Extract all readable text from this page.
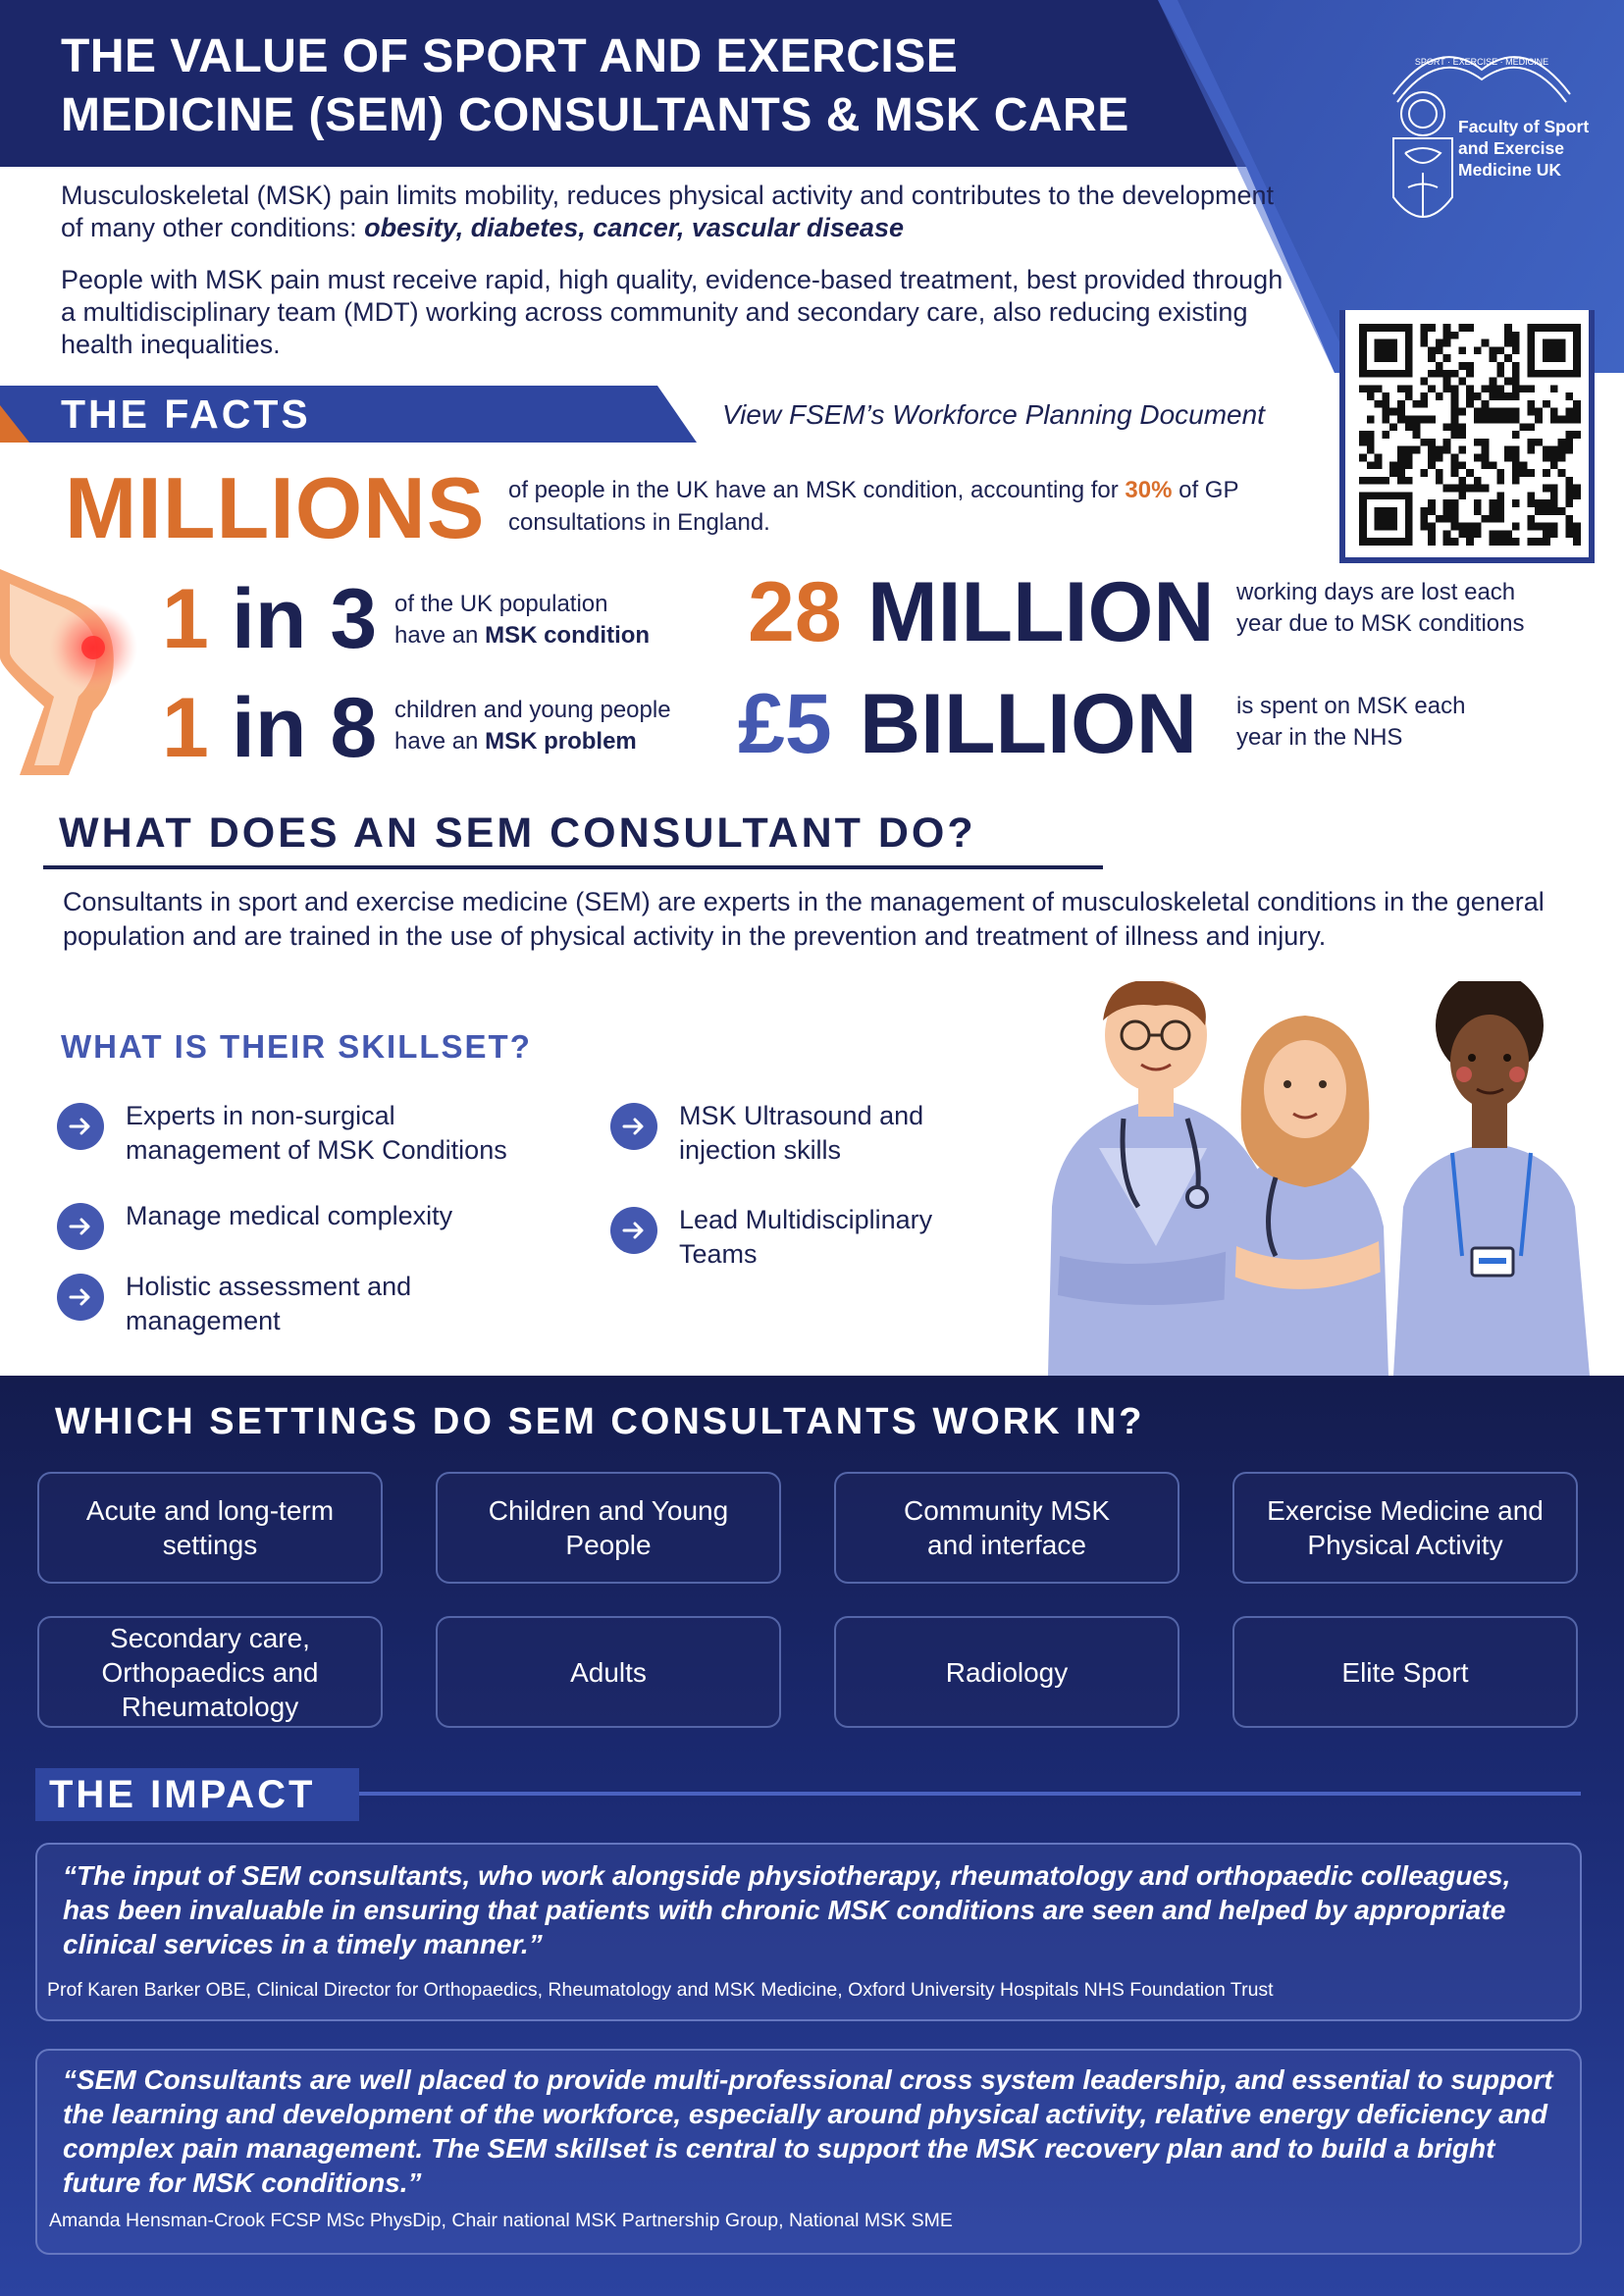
THE VALUE OF SPORT AND EXERCISE
MEDICINE (SEM) CONSULTANTS & MSK CARE
SPORT · EXERCISE · MEDICINE
Faculty of Sport
and Exercise
Medicine UK

Musculoskeletal (MSK) pain limits mobility, reduces physical activity and contributes to the development of many other conditions: obesity, diabetes, cancer, vascular disease

People with MSK pain must receive rapid, high quality, evidence-based treatment, best provided through a multidisciplinary team (MDT) working across community and secondary care, also reducing existing health inequalities.

THE FACTS	View FSEM’s Workforce Planning Document
MILLIONS of people in the UK have an MSK condition, accounting for 30% of GP consultations in England.
1 in 3 of the UK population
have an MSK condition
1 in 8 children and young people
have an MSK problem
28 MILLION working days are lost each
year due to MSK conditions
£5 BILLION is spent on MSK each
year in the NHS
WHAT DOES AN SEM CONSULTANT DO?

Consultants in sport and exercise medicine (SEM) are experts in the management of musculoskeletal conditions in the general population and are trained in the use of physical activity in the prevention and treatment of illness and injury.

WHAT IS THEIR SKILLSET?
Experts in non-surgical
management of MSK Conditions
Manage medical complexity
Holistic assessment and
management
MSK Ultrasound and
injection skills
Lead Multidisciplinary
Teams
WHICH SETTINGS DO SEM CONSULTANTS WORK IN?
Acute and long-term
settings
Children and Young
People
Community MSK
and interface
Exercise Medicine and
Physical Activity
Secondary care,
Orthopaedics and
Rheumatology
Adults	Radiology	Elite Sport
THE IMPACT

“The input of SEM consultants, who work alongside physiotherapy, rheumatology and orthopaedic colleagues, has been invaluable in ensuring that patients with chronic MSK conditions are seen and helped by appropriate clinical services in a timely manner.”

Prof Karen Barker OBE, Clinical Director for Orthopaedics, Rheumatology and MSK Medicine, Oxford University Hospitals NHS Foundation Trust

“SEM Consultants are well placed to provide multi-professional cross system leadership, and essential to support the learning and development of the workforce, especially around physical activity, relative energy deficiency and complex pain management. The SEM skillset is central to support the MSK recovery plan and to build a bright future for MSK conditions.”

Amanda Hensman-Crook FCSP MSc PhysDip, Chair national MSK Partnership Group, National MSK SME
